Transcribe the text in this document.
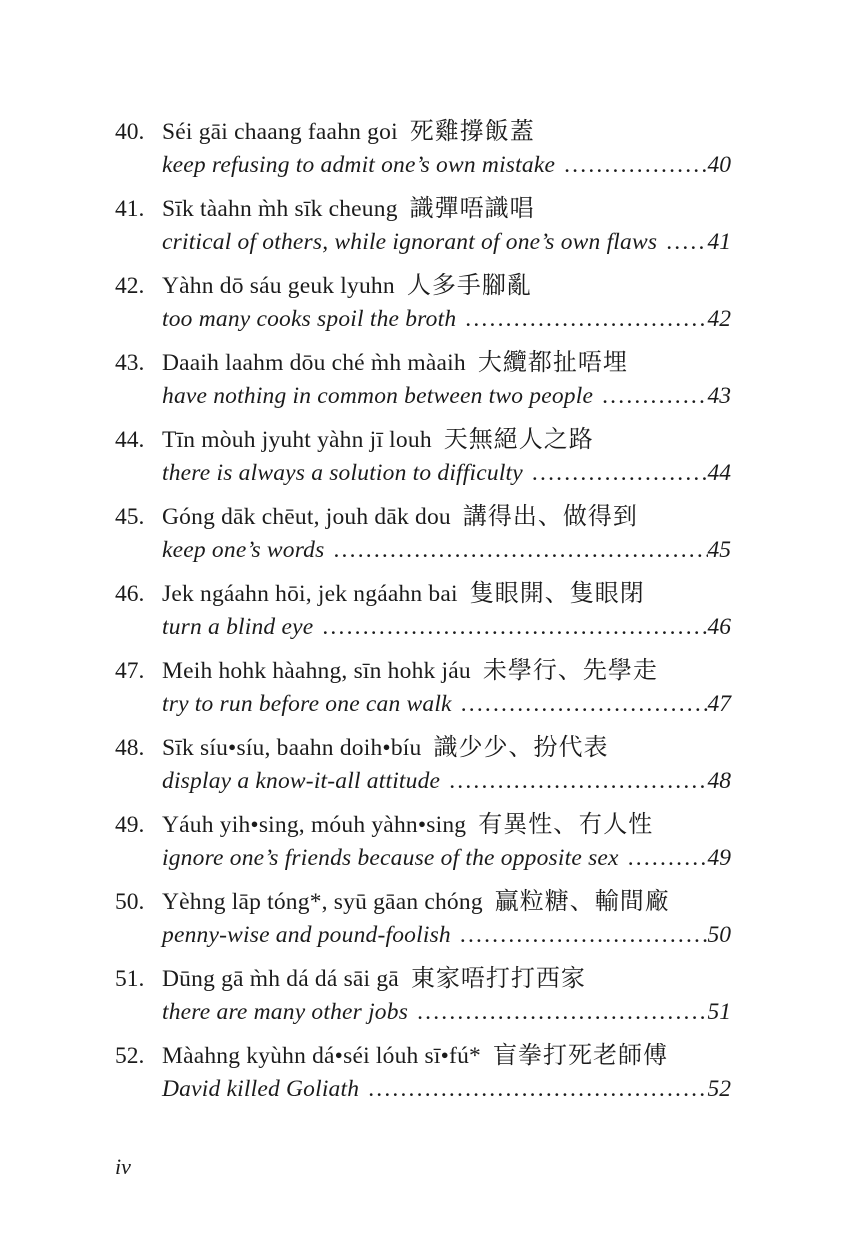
40. Séi gāi chaang faahn goi 死雞撐飯蓋
keep refusing to admit one’s own mistake .....	40
41. Sīk tàahn m̀h sīk cheung 識彈唔識唱
critical of others, while ignorant of one’s own flaws ..... 41
42. Yàhn dō sáu geuk lyuhn 人多手腳亂
too many cooks spoil the broth .....	42
43. Daaih laahm dōu ché m̀h màaih 大纜都扯唔埋
have nothing in common between two people .....	43
44. Tīn mòuh jyuht yàhn jī louh 天無絕人之路
there is always a solution to difficulty .....	44
45. Góng dāk chēut, jouh dāk dou 講得出、做得到
keep one’s words .....	45
46. Jek ngáahn hōi, jek ngáahn bai 隻眼開、隻眼閉
turn a blind eye .....	46
47. Meih hohk hàahng, sīn hohk jáu 未學行、先學走
try to run before one can walk .....	47
48. Sīk síu•síu, baahn doih•bíu 識少少、扮代表
display a know-it-all attitude .....	48
49. Yáuh yih•sing, móuh yàhn•sing 有異性、冇人性
ignore one’s friends because of the opposite sex .....	49
50. Yèhng lāp tóng*, syū gāan chóng 贏粒糖、輸間廠
penny-wise and pound-foolish .....	50
51. Dūng gā m̀h dá dá sāi gā 東家唔打打西家
there are many other jobs .....	51
52. Màahng kyùhn dá•séi lóuh sī•fú* 盲拳打死老師傅
David killed Goliath .....	52
iv
